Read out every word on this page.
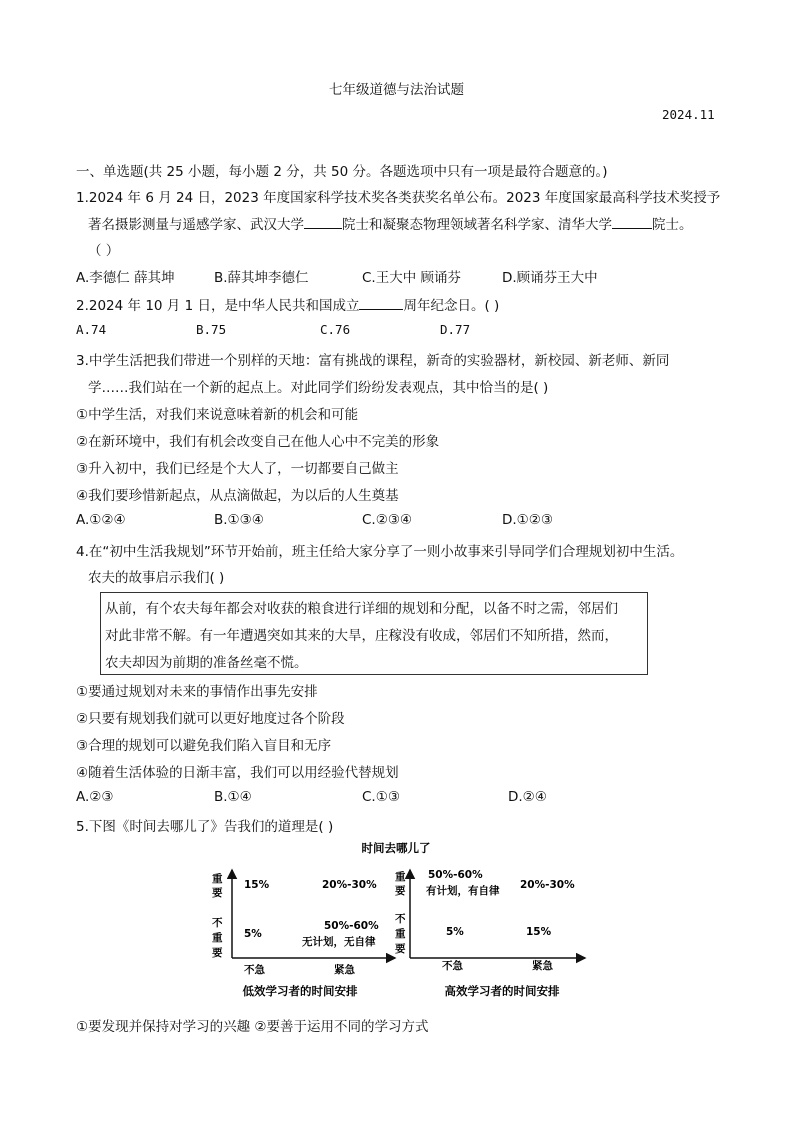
七年级道德与法治试题
2024.11
一、单选题(共 25 小题，每小题 2 分，共 50 分。各题选项中只有一项是最符合题意的。)
1.2024 年 6 月 24 日，2023 年度国家科学技术奖各类获奖名单公布。2023 年度国家最高科学技术奖授予
著名摄影测量与遥感学家、武汉大学	院士和凝聚态物理领域著名科学家、清华大学	院士。
（ ）
A.李德仁 薛其坤	B.薛其坤李德仁	C.王大中 顾诵芬	D.顾诵芬王大中
2.2024 年 10 月 1 日，是中华人民共和国成立	周年纪念日。( )
A.74	B.75	C.76	D.77
3.中学生活把我们带进一个别样的天地：富有挑战的课程，新奇的实验器材，新校园、新老师、新同
学……我们站在一个新的起点上。对此同学们纷纷发表观点，其中恰当的是( )
①中学生活，对我们来说意味着新的机会和可能
②在新环境中，我们有机会改变自己在他人心中不完美的形象
③升入初中，我们已经是个大人了，一切都要自己做主
④我们要珍惜新起点，从点滴做起，为以后的人生奠基
A.①②④	B.①③④	C.②③④	D.①②③
4.在“初中生活我规划”环节开始前，班主任给大家分享了一则小故事来引导同学们合理规划初中生活。
农夫的故事启示我们( )
从前，有个农夫每年都会对收获的粮食进行详细的规划和分配，以备不时之需，邻居们
对此非常不解。有一年遭遇突如其来的大旱，庄稼没有收成，邻居们不知所措，然而，
农夫却因为前期的准备丝毫不慌。
①要通过规划对未来的事情作出事先安排
②只要有规划我们就可以更好地度过各个阶段
③合理的规划可以避免我们陷入盲目和无序
④随着生活体验的日渐丰富，我们可以用经验代替规划
A.②③	B.①④	C.①③	D.②④
5.下图《时间去哪儿了》告我们的道理是( )
时间去哪儿了
重
要
不
重
要
15%	20%-30%
5%
50%-60%
无计划，无自律
不急	紧急
低效学习者的时间安排
重
要
不
重
要
50%-60%
有计划，有自律 20%-30%
5%	15%
不急	紧急
高效学习者的时间安排
①要发现并保持对学习的兴趣 ②要善于运用不同的学习方式
